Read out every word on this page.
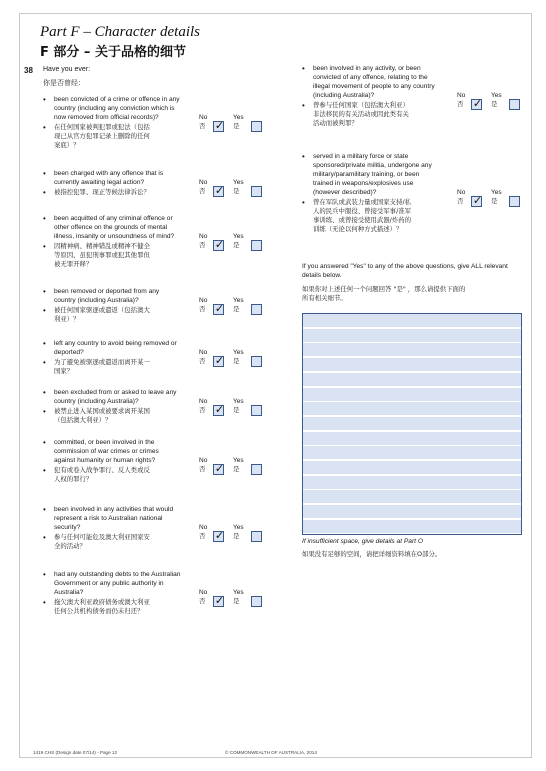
Part F – Character details
F 部分 – 关于品格的细节
38 Have you ever:
你是否曾经：
• been convicted of a crime or offence in any
country (including any conviction which is
now removed from official records)?
• 在任何国家被判犯罪或犯法（包括
现已从官方犯罪记录上删除的任何
案底）？
No
否 ✓
Yes
是
• been charged with any offence that is
currently awaiting legal action?
• 被指控犯罪、现正等候法律诉讼？
No
否 ✓
Yes
是
• been acquitted of any criminal offence or
other offence on the grounds of mental
illness, insanity or unsoundness of mind?
• 因精神病、精神错乱或精神不健全
等原因、虽犯刑事罪或犯其他罪但
被无罪开释？
No
否 ✓
Yes
是
• been removed or deported from any
country (including Australia)?
• 被任何国家驱逐或遣返（包括澳大
利亚）？
No
否 ✓
Yes
是
• left any country to avoid being removed or
deported?
• 为了避免被驱逐或遣返而离开某一
国家？
No
否 ✓
Yes
是
• been excluded from or asked to leave any
country (including Australia)?
• 被禁止进入某国或被要求离开某国
（包括澳大利亚）？
No
否 ✓
Yes
是
• committed, or been involved in the
commission of war crimes or crimes
against humanity or human rights?
• 犯有或卷入战争罪行、反人类或反
人权的罪行？
No
否 ✓
Yes
是
• been involved in any activities that would
represent a risk to Australian national
security?
• 参与任何可能危及澳大利亚国家安
全的活动？
No
否 ✓
Yes
是
• had any outstanding debts to the Australian
Government or any public authority in
Australia?
• 拖欠澳大利亚政府债务或澳大利亚
任何公共机构债务而仍未归还？
No
否 ✓
Yes
是
• been involved in any activity, or been
convicted of any offence, relating to the
illegal movement of people to any country
(including Australia)?
• 曾参与任何国家（包括澳大利亚）
非法移民的有关活动或因此类有关
活动而被判罪？
No
否 ✓
Yes
是
• served in a military force or state
sponsored/private militia, undergone any
military/paramilitary training, or been
trained in weapons/explosives use
(however described)?
• 曾在军队或武装力量或国家支持/私
人的民兵中服役、曾接受军事/准军
事训练、或曾接受使用武器/炸药的
训练（无论以何种方式描述）？
No
否 ✓
Yes
是
If you answered "Yes" to any of the above questions, give ALL relevant
details below.
如果你对上述任何一个问题回答 "是" ，那么请提供下面的
所有相关细节。
If insufficient space, give details at Part O
如果没有足够的空间，请把详细资料填在O部分。
1419 CHS (Design date 07/14) - Page 12	© COMMONWEALTH OF AUSTRALIA, 2014
